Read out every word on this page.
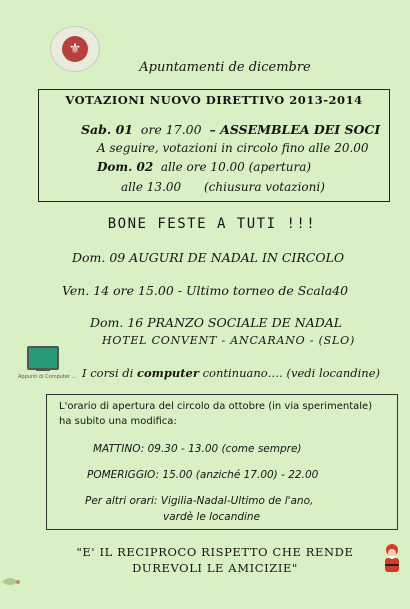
⚜
Apuntamenti de dicembre
VOTAZIONI NUOVO DIRETTIVO 2013-2014
Sab. 01 ore 17.00 – ASSEMBLEA DEI SOCI
A seguire, votazioni in circolo fino alle 20.00
Dom. 02 alle ore 10.00 (apertura)
alle 13.00 (chiusura votazioni)
BONE FESTE A TUTI !!!
Dom. 09 AUGURI DE NADAL IN CIRCOLO
Ven. 14 ore 15.00 - Ultimo torneo de Scala40
Dom. 16 PRANZO SOCIALE DE NADAL
HOTEL CONVENT - ANCARANO - (SLO)
Appunti di Computer ... I corsi di computer continuano…. (vedi locandine)
L'orario di apertura del circolo da ottobre (in via sperimentale) ha subito una modifica:
MATTINO: 09.30 - 13.00 (come sempre)
POMERIGGIO: 15.00 (anziché 17.00) - 22.00
Per altri orari: Vigilia-Nadal-Ultimo de l'ano,
vardè le locandine
"E' IL RECIPROCO RISPETTO CHE RENDE
DUREVOLI LE AMICIZIE"
